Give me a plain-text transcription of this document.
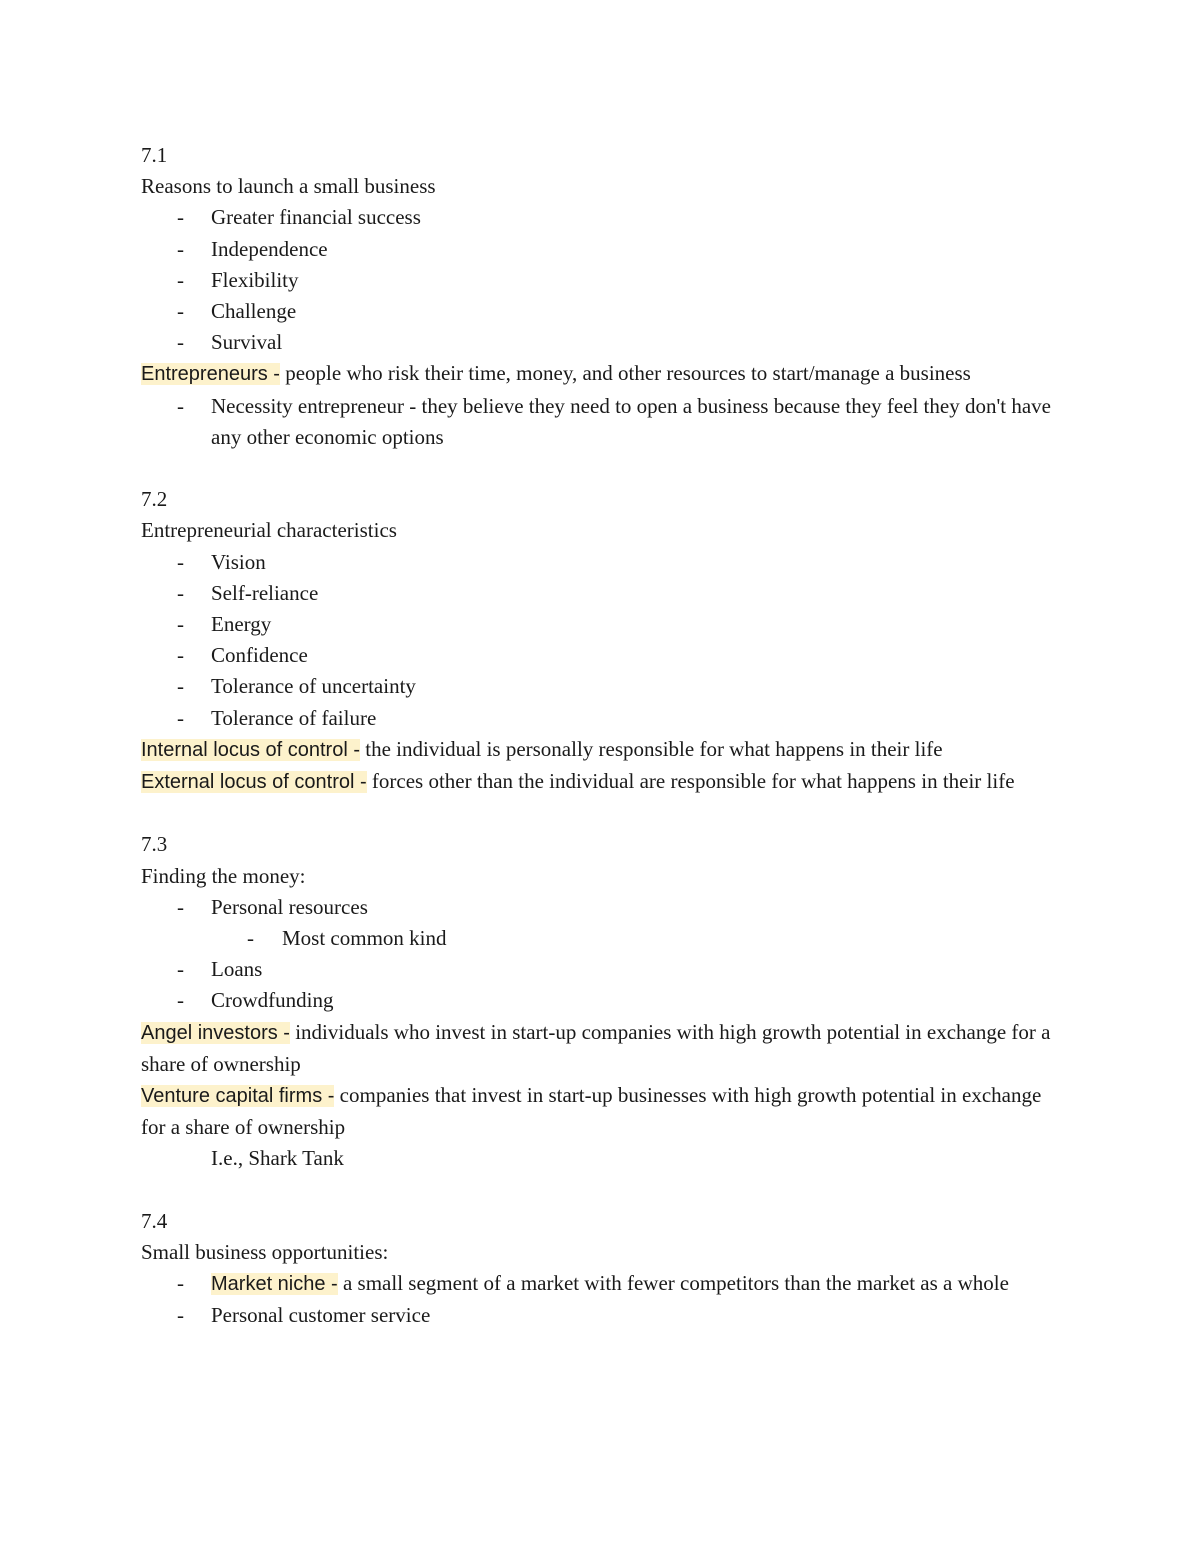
7.1

Reasons to launch a small business

- Greater financial success
- Independence
- Flexibility
- Challenge
- Survival

Entrepreneurs - people who risk their time, money, and other resources to start/manage a business

- Necessity entrepreneur - they believe they need to open a business because they feel they don't have any other economic options

7.2

Entrepreneurial characteristics

- Vision
- Self-reliance
- Energy
- Confidence
- Tolerance of uncertainty
- Tolerance of failure

Internal locus of control - the individual is personally responsible for what happens in their life

External locus of control - forces other than the individual are responsible for what happens in their life

7.3

Finding the money:

- Personal resources
- Most common kind
- Loans
- Crowdfunding

Angel investors - individuals who invest in start-up companies with high growth potential in exchange for a share of ownership

Venture capital firms - companies that invest in start-up businesses with high growth potential in exchange for a share of ownership

I.e., Shark Tank

7.4

Small business opportunities:

- Market niche - a small segment of a market with fewer competitors than the market as a whole
- Personal customer service
